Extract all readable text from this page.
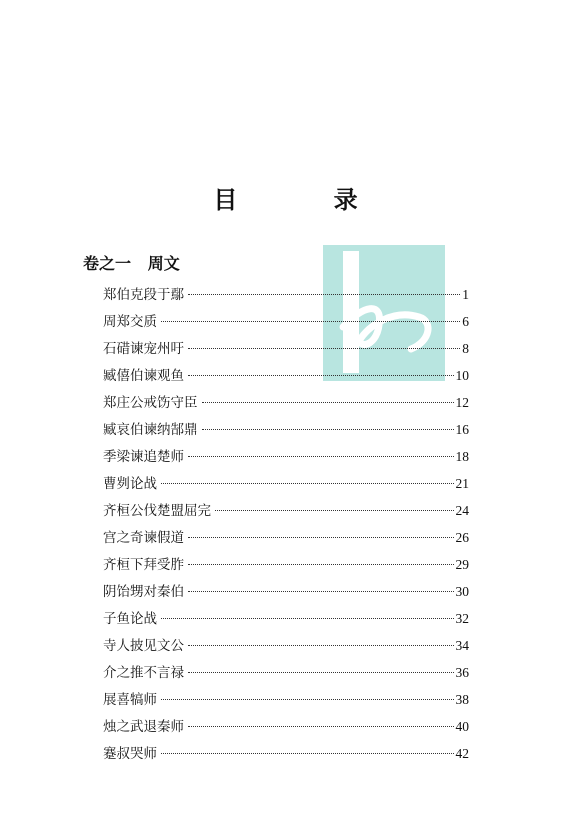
目 录
卷之一   周文
郑伯克段于鄢	1
周郑交质	6
石碏谏宠州吁	8
臧僖伯谏观鱼	10
郑庄公戒饬守臣	12
臧哀伯谏纳郜鼎	16
季梁谏追楚师	18
曹刿论战	21
齐桓公伐楚盟屈完	24
宫之奇谏假道	26
齐桓下拜受胙	29
阴饴甥对秦伯	30
子鱼论战	32
寺人披见文公	34
介之推不言禄	36
展喜犒师	38
烛之武退秦师	40
蹇叔哭师	42
